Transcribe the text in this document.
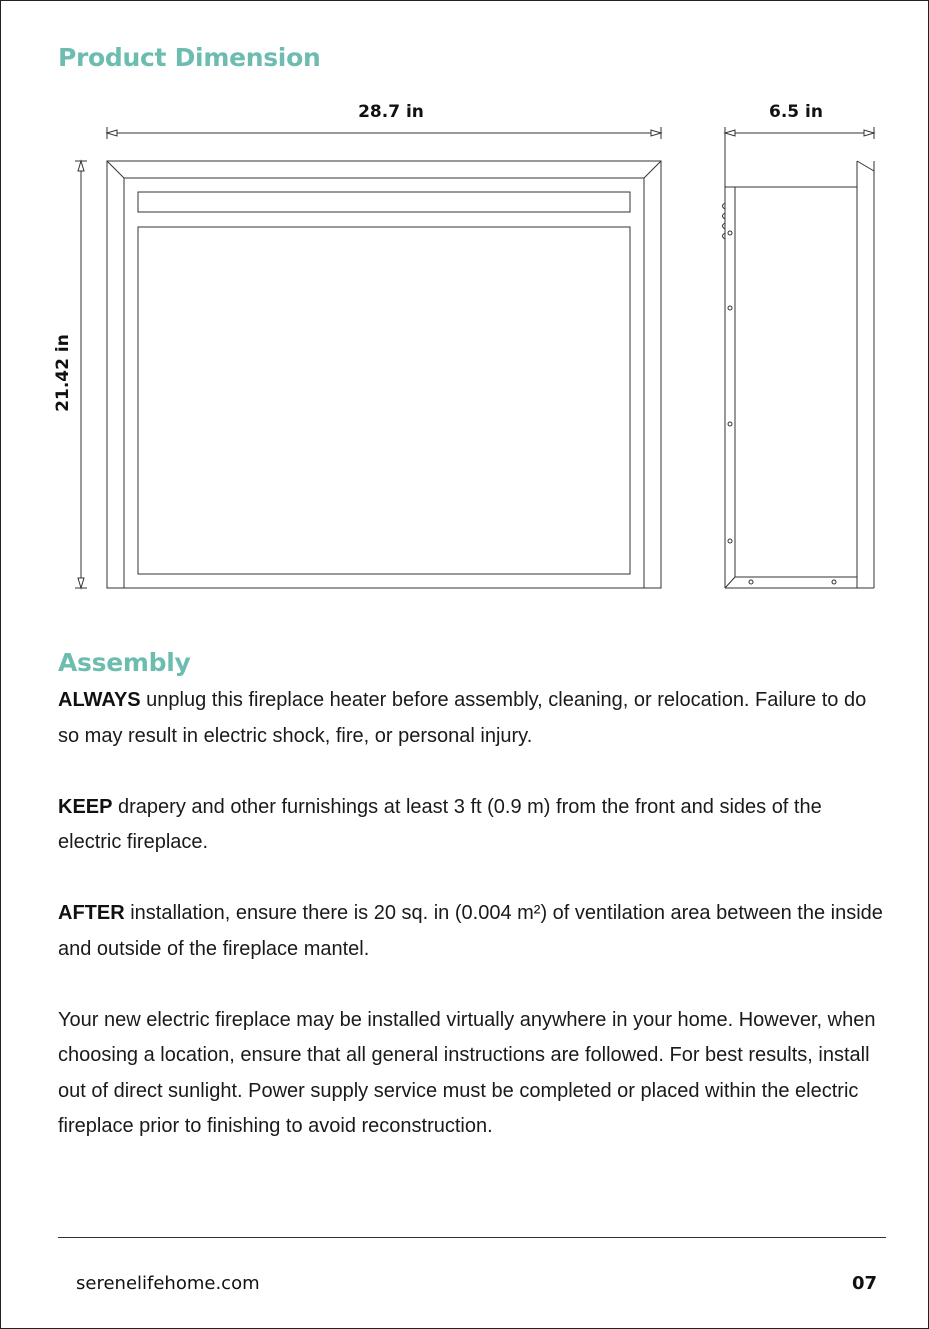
Product Dimension
28.7 in	6.5 in
21.42 in
Assembly

ALWAYS unplug this fireplace heater before assembly, cleaning, or relocation. Failure to do so may result in electric shock, fire, or personal injury.

KEEP drapery and other furnishings at least 3 ft (0.9 m) from the front and sides of the electric fireplace.

AFTER installation, ensure there is 20 sq. in (0.004 m²) of ventilation area between the inside and outside of the fireplace mantel.

Your new electric fireplace may be installed virtually anywhere in your home. However, when choosing a location, ensure that all general instructions are followed. For best results, install out of direct sunlight. Power supply service must be completed or placed within the electric fireplace prior to finishing to avoid reconstruction.

serenelifehome.com	07
